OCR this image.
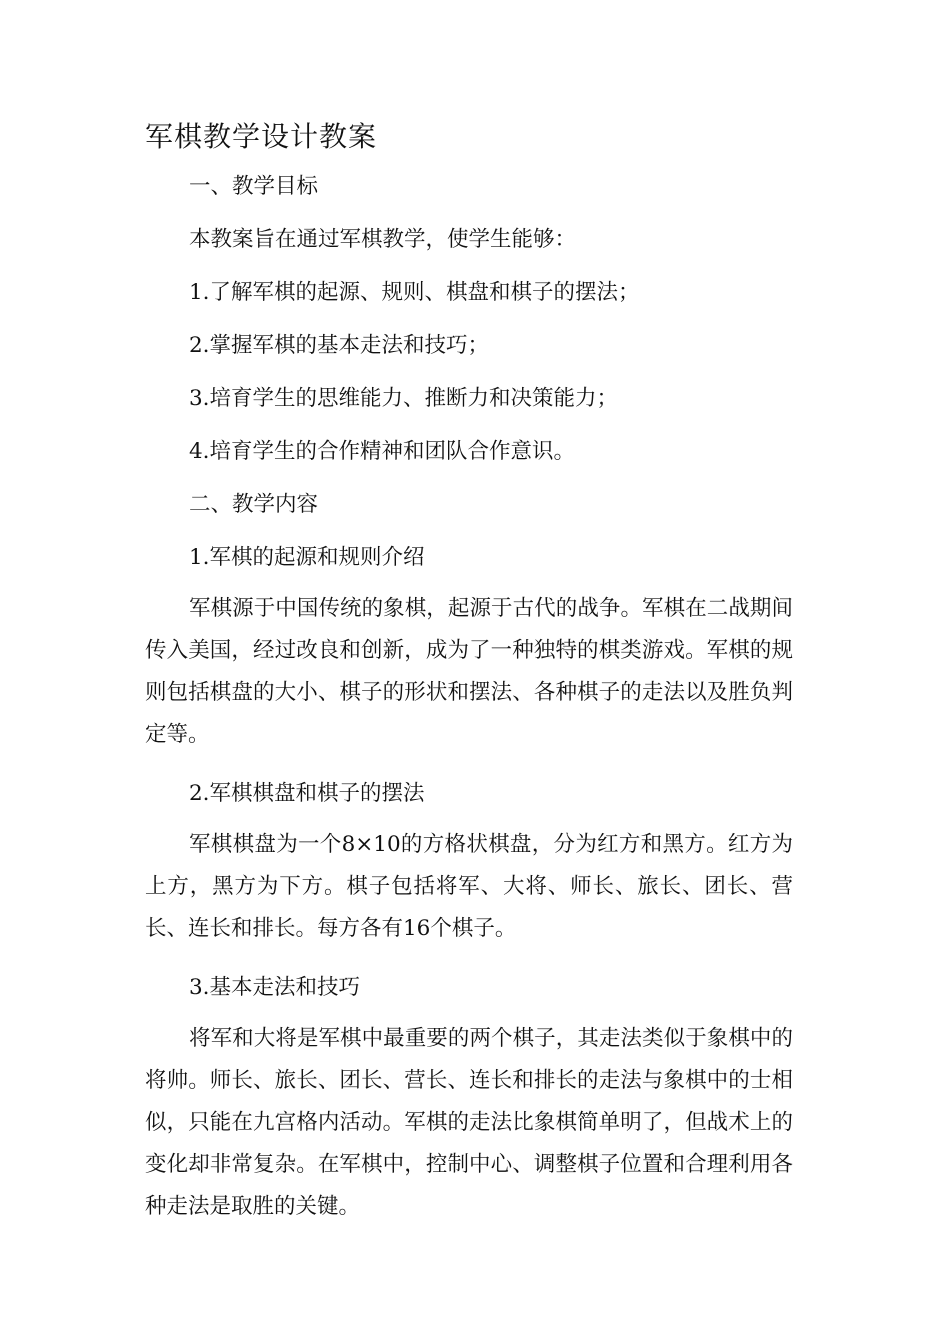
军棋教学设计教案

一、教学目标

本教案旨在通过军棋教学，使学生能够：

1.了解军棋的起源、规则、棋盘和棋子的摆法；

2.掌握军棋的基本走法和技巧；

3.培育学生的思维能力、推断力和决策能力；

4.培育学生的合作精神和团队合作意识。

二、教学内容

1.军棋的起源和规则介绍

军棋源于中国传统的象棋，起源于古代的战争。军棋在二战期间传入美国，经过改良和创新，成为了一种独特的棋类游戏。军棋的规则包括棋盘的大小、棋子的形状和摆法、各种棋子的走法以及胜负判定等。

2.军棋棋盘和棋子的摆法

军棋棋盘为一个8×10的方格状棋盘，分为红方和黑方。红方为上方，黑方为下方。棋子包括将军、大将、师长、旅长、团长、营长、连长和排长。每方各有16个棋子。

3.基本走法和技巧

将军和大将是军棋中最重要的两个棋子，其走法类似于象棋中的将帅。师长、旅长、团长、营长、连长和排长的走法与象棋中的士相似，只能在九宫格内活动。军棋的走法比象棋简单明了，但战术上的变化却非常复杂。在军棋中，控制中心、调整棋子位置和合理利用各种走法是取胜的关键。
